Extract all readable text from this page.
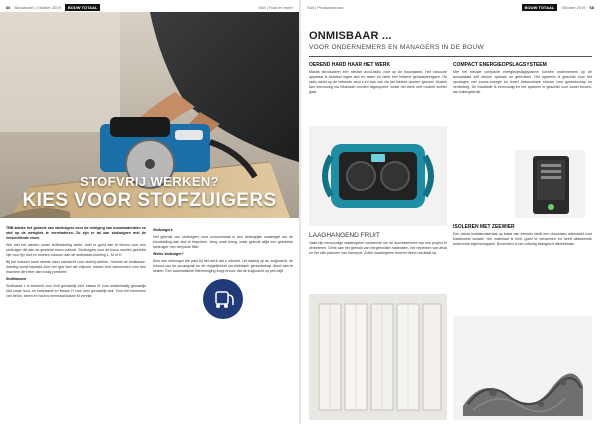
66 Bouwkrant | Oktober 2019	BOUW TOTAAL	Stof | Hout en meer
STOFVRIJ WERKEN?
KIES VOOR STOFZUIGERS

TBR-advies het gebruik van stofzuigers voor de reiniging van bouwmaterialen en stof op de werkplek te verminderen. Zo zijn er tal van stofzuigers met de verschillende eisen.

Wie met het werken onder stofbelasting werkt, doet er goed aan te kiezen voor een stofzuiger die aan de gestelde eisen voldoet. Stofzuigers voor de bouw moeten geschikt zijn voor fijn stof en moeten voldoen aan de stofklasse-indeling L, M of H.

Bij het bouwen komt steeds meer aandacht voor stofvrij werken. Hoewel de stofklasse-indeling wordt bepaald door het type stof dat vrijkomt, kiezen veel vakmensen voor een machine die beter dan nodig presteert.

Stofklassen

Stofklasse L is bedoeld voor licht gevaarlijk stof, klasse M voor middelmatig gevaarlijk stof zoals hout- en kwartsstof en klasse H voor zeer gevaarlijk stof. Voor het bewerken van beton, steen en hout is minimaal klasse M vereist.

Stofzuigers

Het gebruik van stofzuigers voor schoonmaak is een belangrijke maatregel om de blootstelling aan stof te beperken. Veeg nooit droog, maar gebruik altijd een geschikte stofzuiger met het juiste filter.

Welke stofzuiger?

Kies een stofzuiger die past bij het werk dat u uitvoert. Let daarbij op de zuigkracht, de inhoud van de opvangzak en de mogelijkheid om elektrisch gereedschap direct aan te sluiten. Een automatische filterreiniging zorgt ervoor dat de zuigkracht op peil blijft.

Stof | Productnieuws	BOUW TOTAAL	Oktober 2019 68
ONMISBAAR ...
VOOR ONDERNEMERS EN MANAGERS IN DE BOUW
OEREND HARD HAAR HET WERK
Makita introduceert een nieuwe accu-radio voor op de bouwplaats. Het robuuste apparaat is bestand tegen stof en water en biedt een heldere geluidsweergave. De radio werkt op de bekende accu's en kan ook via het lichtnet worden gevoed. Muziek kan eenvoudig via Bluetooth worden afgespeeld, zodat het werk met muziek sneller gaat.
COMPACT ENERGIEOPSLAGSYSTEEM
Met het nieuwe compacte energieopslagsysteem kunnen ondernemers op de bouwplaats zelf stroom opslaan en gebruiken. Het systeem is geschikt voor het opvangen van zonne-energie en levert betrouwbare stroom voor gereedschap en verlichting. De installatie is eenvoudig en het systeem is geschikt voor zowel binnen- als buitengebruik.
LAAGHANGEND FRUIT
Vaak zijn eenvoudige maatregelen voldoende om de duurzaamheid van een project te verbeteren. Denk aan het gebruik van hergebruikte materialen, het beperken van afval en het slim plannen van transport. Zulke maatregelen leveren direct resultaat op.
ISOLEREN MET ZEEWIER
Een nieuw isolatiemateriaal op basis van zeewier biedt een duurzaam alternatief voor traditionele isolatie. Het materiaal is licht, goed te verwerken en heeft uitstekende isolerende eigenschappen. Bovendien is het volledig biologisch afbreekbaar.
